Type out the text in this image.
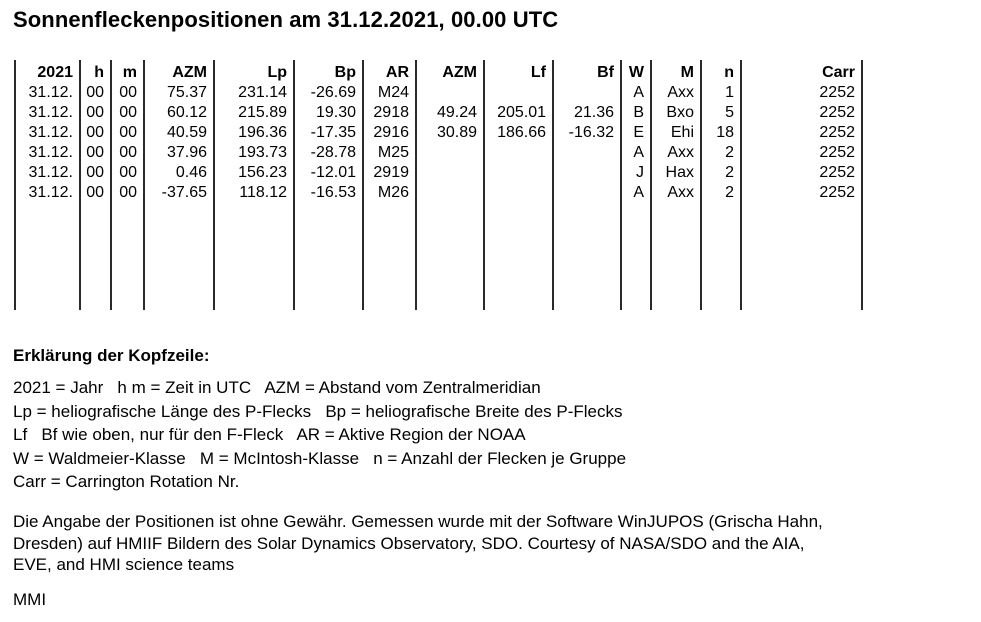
Sonnenfleckenpositionen am 31.12.2021, 00.00 UTC
2021
31.12.
31.12.
31.12.
31.12.
31.12.
31.12.
h
00
00
00
00
00
00
m
00
00
00
00
00
00
AZM
75.37
60.12
40.59
37.96
0.46
-37.65
Lp
231.14
215.89
196.36
193.73
156.23
118.12
Bp
-26.69
19.30
-17.35
-28.78
-12.01
-16.53
AR
M24
2918
2916
M25
2919
M26
AZM
49.24
30.89
Lf
205.01
186.66
Bf
21.36
-16.32
W
A
B
E
A
J
A
M
Axx
Bxo
Ehi
Axx
Hax
Axx
n
1
5
18
2
2
2
Carr
2252
2252
2252
2252
2252
2252
Erklärung der Kopfzeile:
2021 = Jahr   h m = Zeit in UTC   AZM = Abstand vom Zentralmeridian
Lp = heliografische Länge des P-Flecks   Bp = heliografische Breite des P-Flecks
Lf   Bf wie oben, nur für den F-Fleck   AR = Aktive Region der NOAA
W = Waldmeier-Klasse   M = McIntosh-Klasse   n = Anzahl der Flecken je Gruppe
Carr = Carrington Rotation Nr.
Die Angabe der Positionen ist ohne Gewähr. Gemessen wurde mit der Software WinJUPOS (Grischa Hahn,
Dresden) auf HMIIF Bildern des Solar Dynamics Observatory, SDO. Courtesy of NASA/SDO and the AIA,
EVE, and HMI science teams
MMI
